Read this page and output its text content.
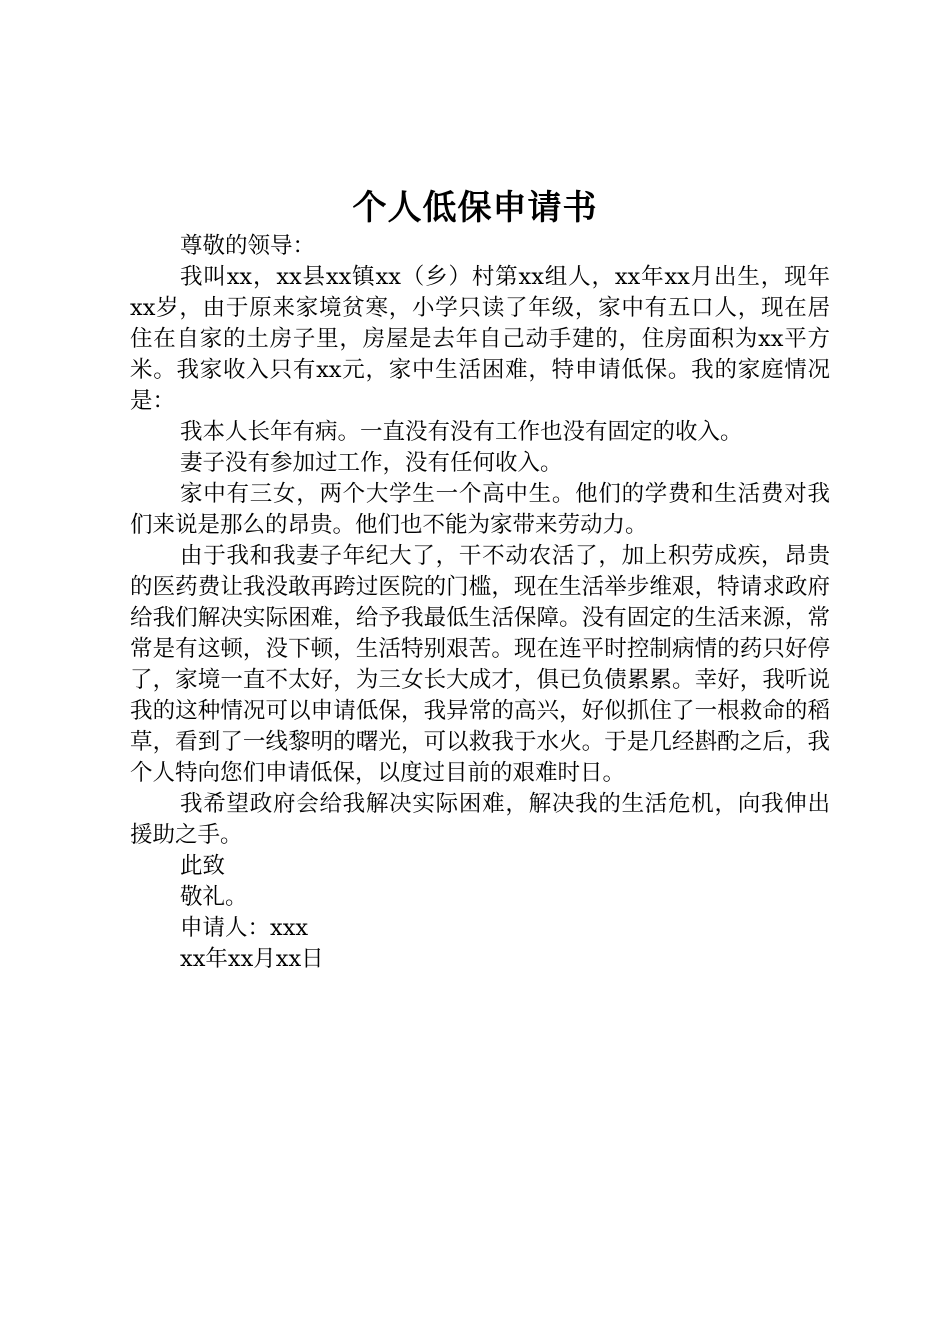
个人低保申请书

尊敬的领导：

我叫xx，xx县xx镇xx（乡）村第xx组人，xx年xx月出生，现年xx岁，由于原来家境贫寒，小学只读了年级，家中有五口人，现在居住在自家的土房子里，房屋是去年自己动手建的，住房面积为xx平方米。我家收入只有xx元，家中生活困难，特申请低保。我的家庭情况是：

我本人长年有病。一直没有没有工作也没有固定的收入。

妻子没有参加过工作，没有任何收入。

家中有三女，两个大学生一个高中生。他们的学费和生活费对我们来说是那么的昂贵。他们也不能为家带来劳动力。

由于我和我妻子年纪大了，干不动农活了，加上积劳成疾，昂贵的医药费让我没敢再跨过医院的门槛，现在生活举步维艰，特请求政府给我们解决实际困难，给予我最低生活保障。没有固定的生活来源，常常是有这顿，没下顿，生活特别艰苦。现在连平时控制病情的药只好停了，家境一直不太好，为三女长大成才，俱已负债累累。幸好，我听说我的这种情况可以申请低保，我异常的高兴，好似抓住了一根救命的稻草，看到了一线黎明的曙光，可以救我于水火。于是几经斟酌之后，我个人特向您们申请低保，以度过目前的艰难时日。

我希望政府会给我解决实际困难，解决我的生活危机，向我伸出援助之手。

此致

敬礼。

申请人：xxx

xx年xx月xx日
